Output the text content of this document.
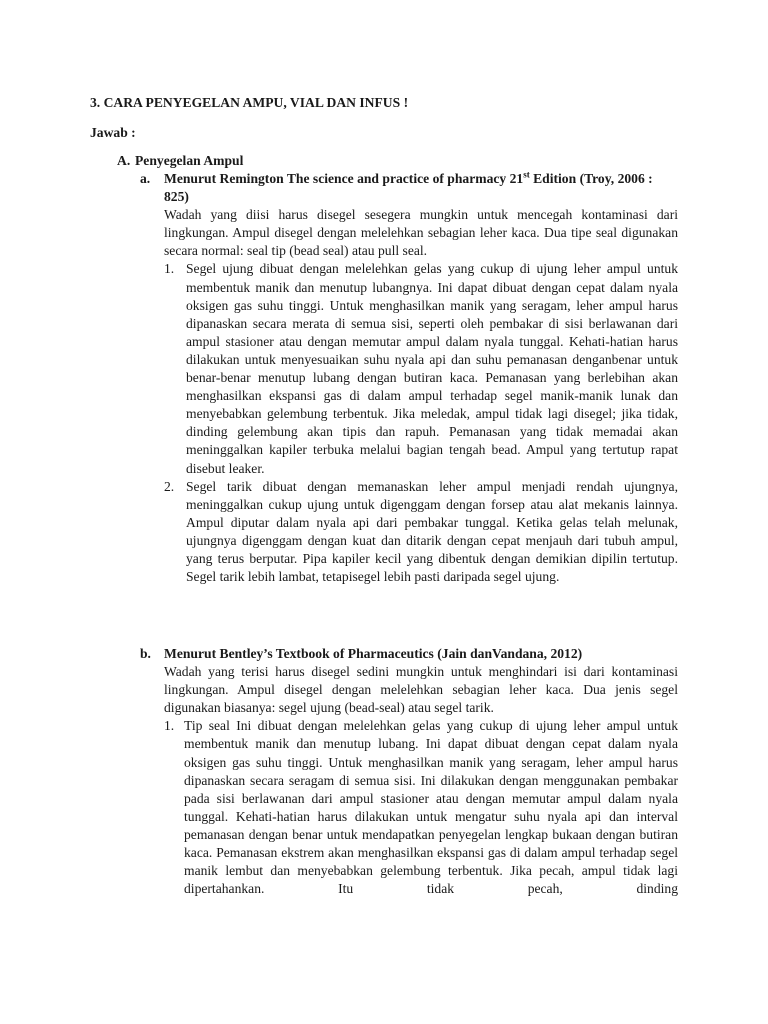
3. CARA PENYEGELAN AMPU, VIAL DAN INFUS !
Jawab :
A. Penyegelan Ampul
a. Menurut Remington The science and practice of pharmacy 21st Edition (Troy, 2006 : 825)
Wadah yang diisi harus disegel sesegera mungkin untuk mencegah kontaminasi dari lingkungan. Ampul disegel dengan melelehkan sebagian leher kaca. Dua tipe seal digunakan secara normal: seal tip (bead seal) atau pull seal.
1. Segel ujung dibuat dengan melelehkan gelas yang cukup di ujung leher ampul untuk membentuk manik dan menutup lubangnya. Ini dapat dibuat dengan cepat dalam nyala oksigen gas suhu tinggi. Untuk menghasilkan manik yang seragam, leher ampul harus dipanaskan secara merata di semua sisi, seperti oleh pembakar di sisi berlawanan dari ampul stasioner atau dengan memutar ampul dalam nyala tunggal. Kehati-hatian harus dilakukan untuk menyesuaikan suhu nyala api dan suhu pemanasan denganbenar untuk benar-benar menutup lubang dengan butiran kaca. Pemanasan yang berlebihan akan menghasilkan ekspansi gas di dalam ampul terhadap segel manik-manik lunak dan menyebabkan gelembung terbentuk. Jika meledak, ampul tidak lagi disegel; jika tidak, dinding gelembung akan tipis dan rapuh. Pemanasan yang tidak memadai akan meninggalkan kapiler terbuka melalui bagian tengah bead. Ampul yang tertutup rapat disebut leaker.
2. Segel tarik dibuat dengan memanaskan leher ampul menjadi rendah ujungnya, meninggalkan cukup ujung untuk digenggam dengan forsep atau alat mekanis lainnya. Ampul diputar dalam nyala api dari pembakar tunggal. Ketika gelas telah melunak, ujungnya digenggam dengan kuat dan ditarik dengan cepat menjauh dari tubuh ampul, yang terus berputar. Pipa kapiler kecil yang dibentuk dengan demikian dipilin tertutup. Segel tarik lebih lambat, tetapisegel lebih pasti daripada segel ujung.
b. Menurut Bentley’s Textbook of Pharmaceutics (Jain danVandana, 2012)
Wadah yang terisi harus disegel sedini mungkin untuk menghindari isi dari kontaminasi lingkungan. Ampul disegel dengan melelehkan sebagian leher kaca. Dua jenis segel digunakan biasanya: segel ujung (bead-seal) atau segel tarik.
1. Tip seal Ini dibuat dengan melelehkan gelas yang cukup di ujung leher ampul untuk membentuk manik dan menutup lubang. Ini dapat dibuat dengan cepat dalam nyala oksigen gas suhu tinggi. Untuk menghasilkan manik yang seragam, leher ampul harus dipanaskan secara seragam di semua sisi. Ini dilakukan dengan menggunakan pembakar pada sisi berlawanan dari ampul stasioner atau dengan memutar ampul dalam nyala tunggal. Kehati-hatian harus dilakukan untuk mengatur suhu nyala api dan interval pemanasan dengan benar untuk mendapatkan penyegelan lengkap bukaan dengan butiran kaca. Pemanasan ekstrem akan menghasilkan ekspansi gas di dalam ampul terhadap segel manik lembut dan menyebabkan gelembung terbentuk. Jika pecah, ampul tidak lagi dipertahankan. Itu tidak pecah, dinding
